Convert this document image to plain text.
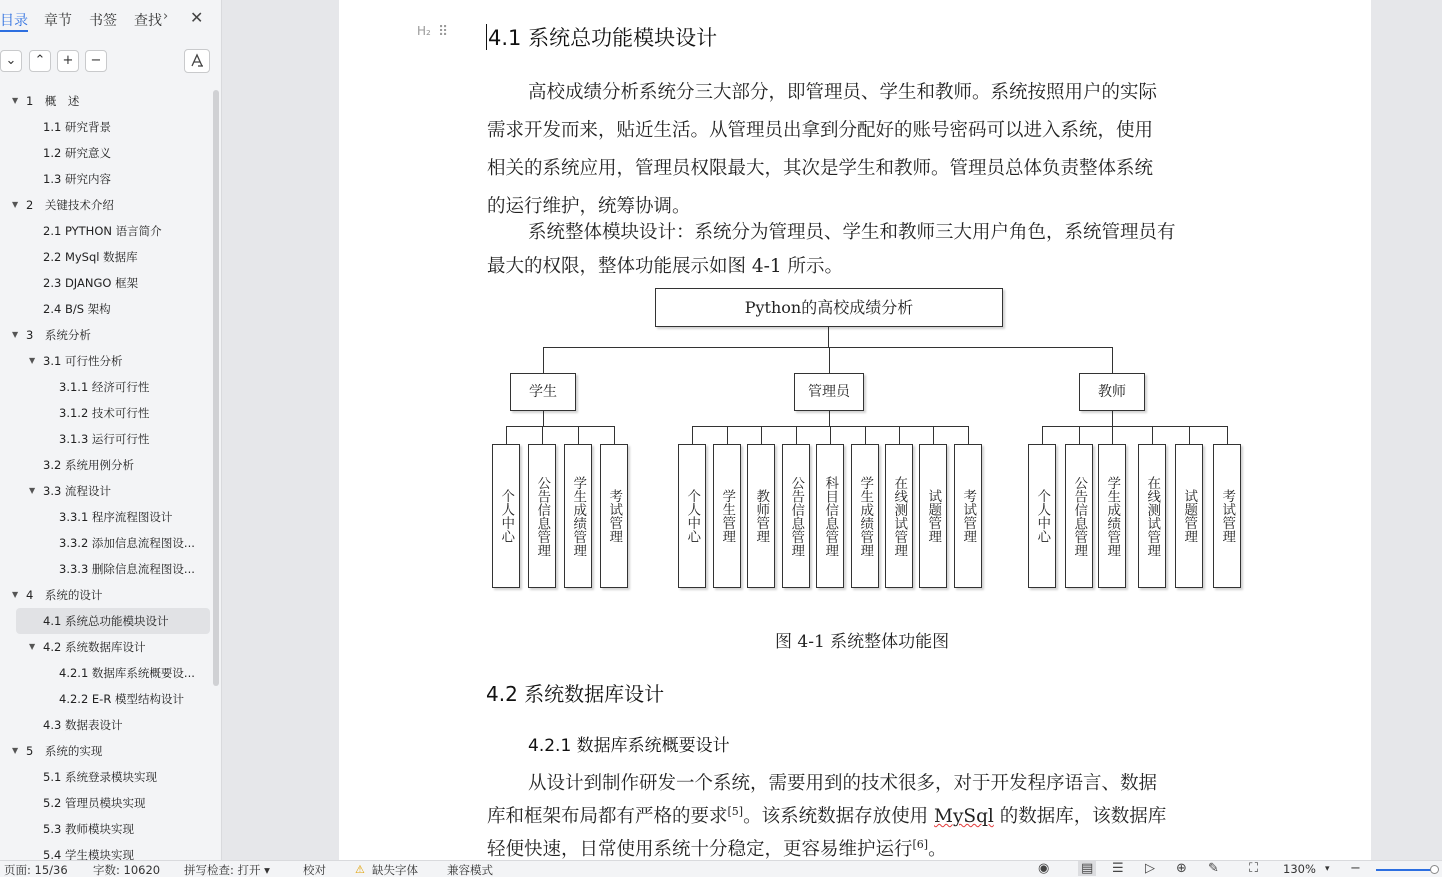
目录 章节 书签 查找 › ✕
⌄	⌃	+	−
▼ 1　概　述
1.1 研究背景
1.2 研究意义
1.3 研究内容
▼ 2　关键技术介绍
2.1 PYTHON 语言简介
2.2 MySql 数据库
2.3 DJANGO 框架
2.4 B/S 架构
▼ 3　系统分析
▼ 3.1 可行性分析
3.1.1 经济可行性
3.1.2 技术可行性
3.1.3 运行可行性
3.2 系统用例分析
▼ 3.3 流程设计
3.3.1 程序流程图设计
3.3.2 添加信息流程图设...
3.3.3 删除信息流程图设...
▼ 4　系统的设计
4.1 系统总功能模块设计
▼ 4.2 系统数据库设计
4.2.1 数据库系统概要设...
4.2.2 E-R 模型结构设计
4.3 数据表设计
▼ 5　系统的实现
5.1 系统登录模块实现
5.2 管理员模块实现
5.3 教师模块实现
5.4 学生模块实现
H₂ ⠿ 4.1 系统总功能模块设计
高校成绩分析系统分三大部分，即管理员、学生和教师。系统按照用户的实际
需求开发而来，贴近生活。从管理员出拿到分配好的账号密码可以进入系统，使用
相关的系统应用，管理员权限最大，其次是学生和教师。管理员总体负责整体系统
的运行维护，统筹协调。
系统整体模块设计：系统分为管理员、学生和教师三大用户角色，系统管理员有
最大的权限，整体功能展示如图 4-1 所示。
Python的高校成绩分析
学生	管理员	教师
个人中心 公告信息管理 学生成绩管理 考试管理	个人中心 学生管理 教师管理 公告信息管理 科目信息管理 学生成绩管理 在线测试管理 试题管理 考试管理	个人中心 公告信息管理 学生成绩管理 在线测试管理 试题管理 考试管理
图 4-1 系统整体功能图
4.2 系统数据库设计
4.2.1 数据库系统概要设计
从设计到制作研发一个系统，需要用到的技术很多，对于开发程序语言、数据
库和框架布局都有严格的要求[5]。该系统数据存放使用 MySql 的数据库，该数据库
轻便快速，日常使用系统十分稳定，更容易维护运行[6]。
页面: 15/36 字数: 10620 拼写检查: 打开 ▾	校对	⚠ 缺失字体	兼容模式	◉ ▤ ☰ ▷ ⊕ ✎ ⛶ 130% ▾ −
